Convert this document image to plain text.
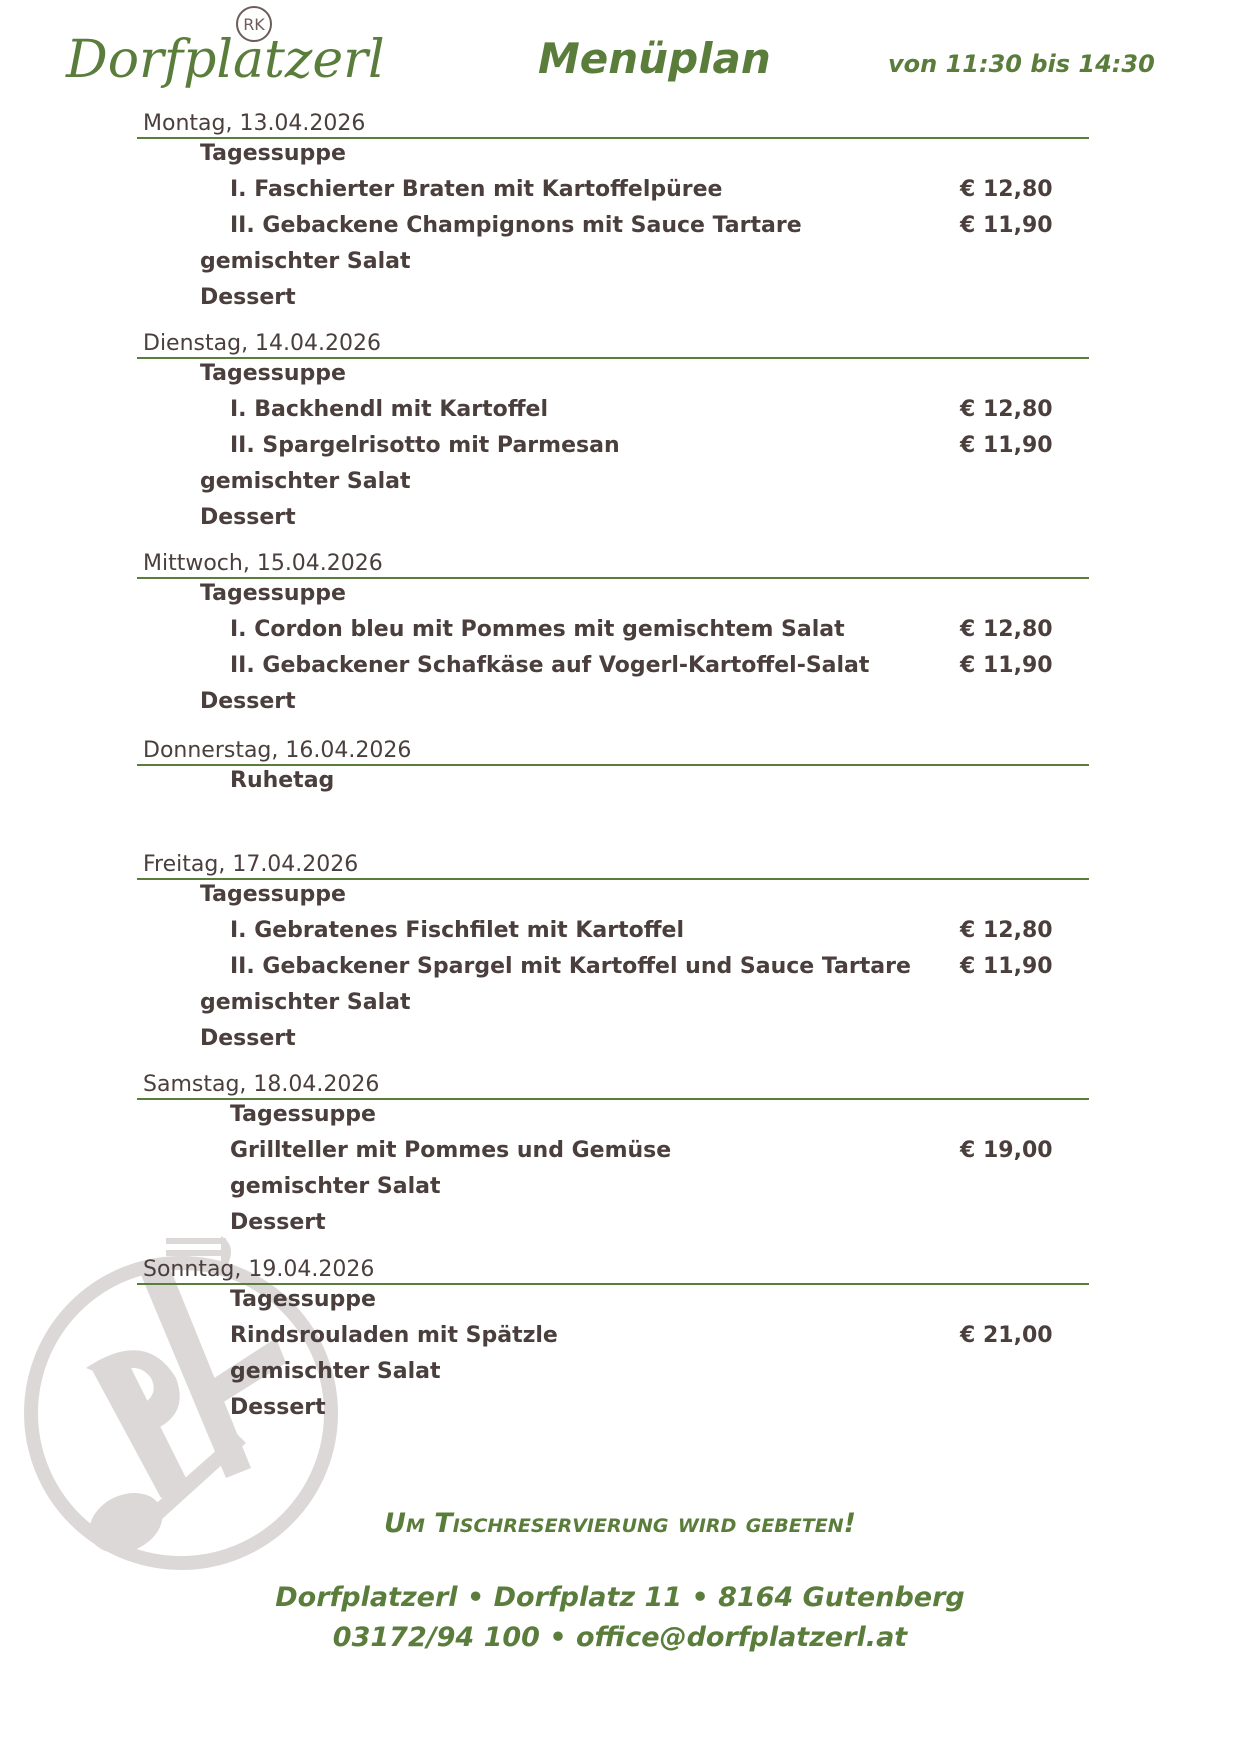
Dorfplatzerl
RK
Menüplan	von 11:30 bis 14:30
Montag, 13.04.2026
Tagessuppe
I. Faschierter Braten mit Kartoffelpüree	€ 12,80
II. Gebackene Champignons mit Sauce Tartare	€ 11,90
gemischter Salat
Dessert
Dienstag, 14.04.2026
Tagessuppe
I. Backhendl mit Kartoffel	€ 12,80
II. Spargelrisotto mit Parmesan	€ 11,90
gemischter Salat
Dessert
Mittwoch, 15.04.2026
Tagessuppe
I. Cordon bleu mit Pommes mit gemischtem Salat	€ 12,80
II. Gebackener Schafkäse auf Vogerl-Kartoffel-Salat	€ 11,90
Dessert
Donnerstag, 16.04.2026
Ruhetag
Freitag, 17.04.2026
Tagessuppe
I. Gebratenes Fischfilet mit Kartoffel	€ 12,80
II. Gebackener Spargel mit Kartoffel und Sauce Tartare € 11,90
gemischter Salat
Dessert
Samstag, 18.04.2026
Tagessuppe
Grillteller mit Pommes und Gemüse	€ 19,00
gemischter Salat
Dessert
Sonntag, 19.04.2026
Tagessuppe
Rindsrouladen mit Spätzle	€ 21,00
gemischter Salat
Dessert
Um Tischreservierung wird gebeten!
Dorfplatzerl • Dorfplatz 11 • 8164 Gutenberg
03172/94 100 • office@dorfplatzerl.at
